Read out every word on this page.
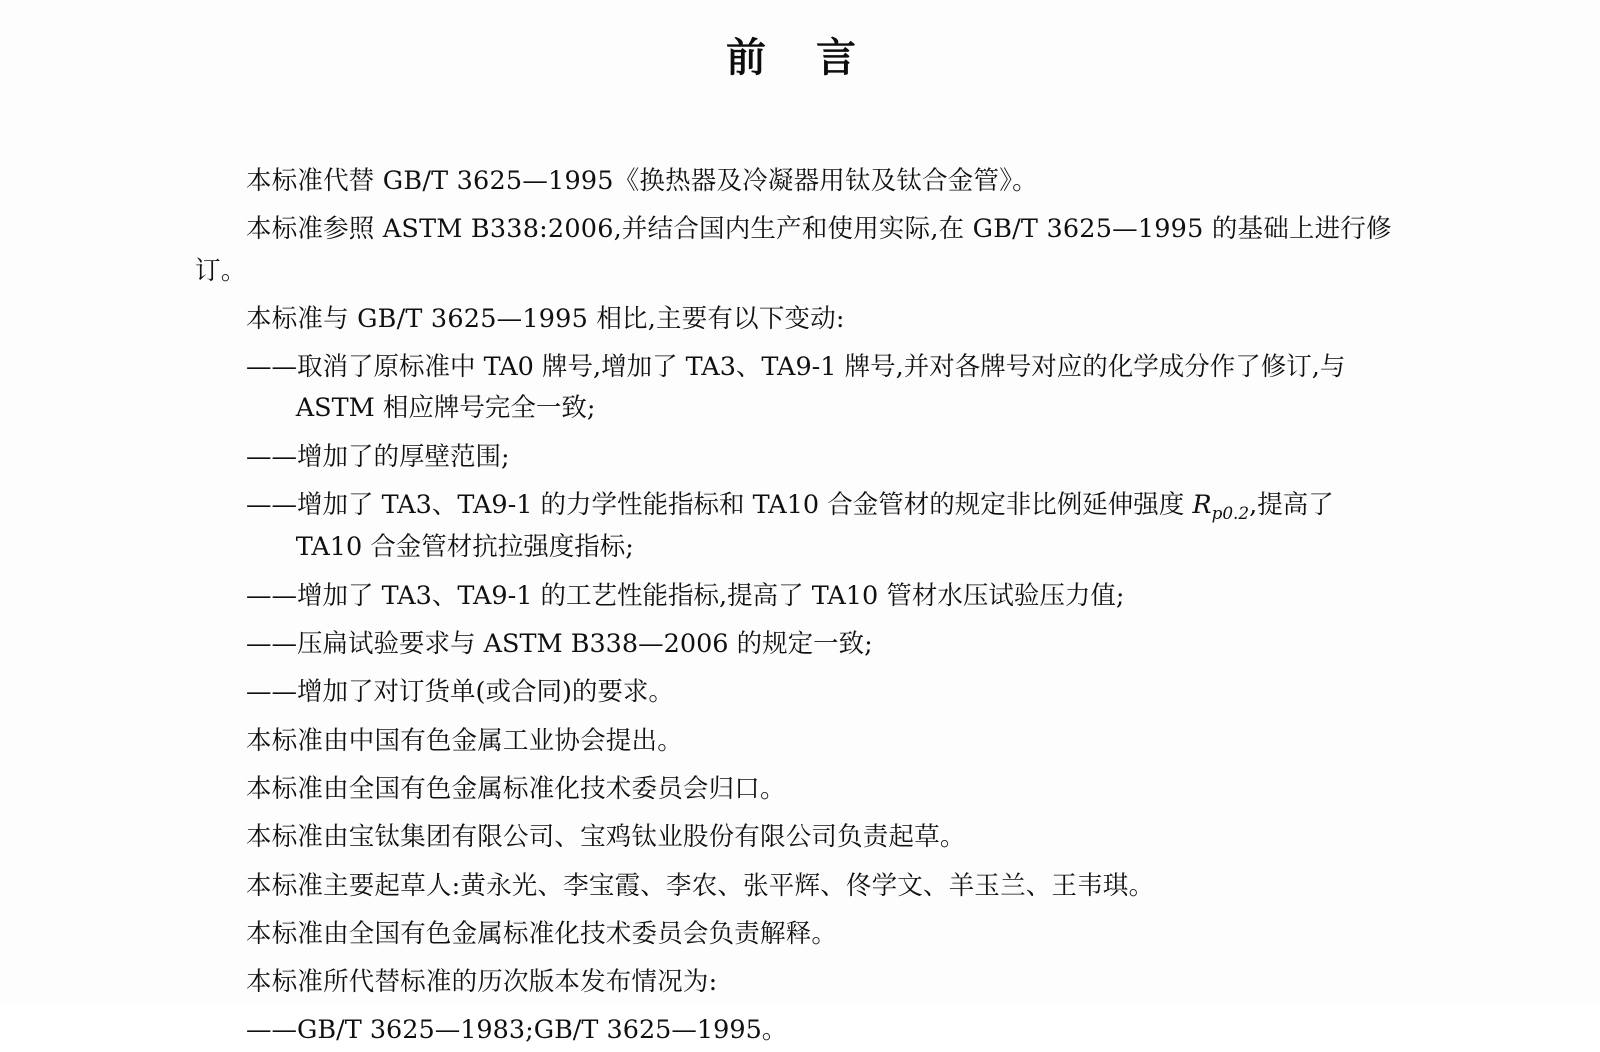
前 言

本标准代替 GB/T 3625—1995《换热器及冷凝器用钛及钛合金管》。

本标准参照 ASTM B338:2006,并结合国内生产和使用实际,在 GB/T 3625—1995 的基础上进行修订。

本标准与 GB/T 3625—1995 相比,主要有以下变动:

——取消了原标准中 TA0 牌号,增加了 TA3、TA9-1 牌号,并对各牌号对应的化学成分作了修订,与 ASTM 相应牌号完全一致;

——增加了的厚壁范围;

——增加了 TA3、TA9-1 的力学性能指标和 TA10 合金管材的规定非比例延伸强度 $R_{p0.2}$,提高了 TA10 合金管材抗拉强度指标;

——增加了 TA3、TA9-1 的工艺性能指标,提高了 TA10 管材水压试验压力值;

——压扁试验要求与 ASTM B338—2006 的规定一致;

——增加了对订货单(或合同)的要求。

本标准由中国有色金属工业协会提出。

本标准由全国有色金属标准化技术委员会归口。

本标准由宝钛集团有限公司、宝鸡钛业股份有限公司负责起草。

本标准主要起草人:黄永光、李宝霞、李农、张平辉、佟学文、羊玉兰、王韦琪。

本标准由全国有色金属标准化技术委员会负责解释。

本标准所代替标准的历次版本发布情况为:

——GB/T 3625—1983;GB/T 3625—1995。
